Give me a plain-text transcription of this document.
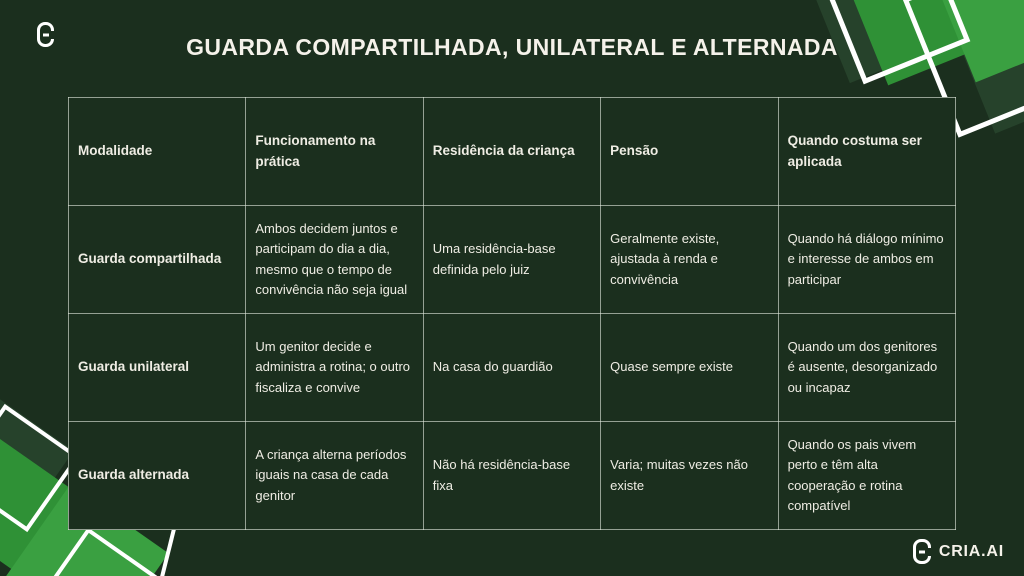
GUARDA COMPARTILHADA, UNILATERAL E ALTERNADA
Modalidade	Funcionamento na prática	Residência da criança	Pensão	Quando costuma ser aplicada
Guarda compartilhada	Ambos decidem juntos e participam do dia a dia, mesmo que o tempo de convivência não seja igual	Uma residência-base definida pelo juiz	Geralmente existe, ajustada à renda e convivência	Quando há diálogo mínimo e interesse de ambos em participar
Guarda unilateral	Um genitor decide e administra a rotina; o outro fiscaliza e convive	Na casa do guardião	Quase sempre existe	Quando um dos genitores é ausente, desorganizado ou incapaz
Guarda alternada	A criança alterna períodos iguais na casa de cada genitor	Não há residência-base fixa	Varia; muitas vezes não existe	Quando os pais vivem perto e têm alta cooperação e rotina compatível
CRIA.AI
